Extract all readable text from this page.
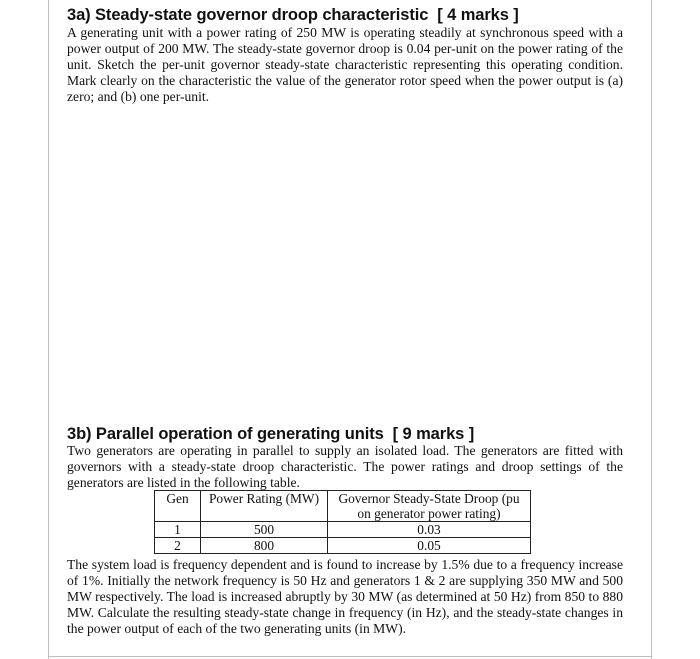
3a) Steady-state governor droop characteristic [ 4 marks ]

A generating unit with a power rating of 250 MW is operating steadily at synchronous speed with a power output of 200 MW. The steady-state governor droop is 0.04 per-unit on the power rating of the unit. Sketch the per-unit governor steady-state characteristic representing this operating condition. Mark clearly on the characteristic the value of the generator rotor speed when the power output is (a) zero; and (b) one per-unit.

3b) Parallel operation of generating units [ 9 marks ]

Two generators are operating in parallel to supply an isolated load. The generators are fitted with governors with a steady-state droop characteristic. The power ratings and droop settings of the generators are listed in the following table.

Gen	Power Rating (MW)	Governor Steady-State Droop (pu on generator power rating)
1	500	0.03
2	800	0.05

The system load is frequency dependent and is found to increase by 1.5% due to a frequency increase of 1%. Initially the network frequency is 50 Hz and generators 1 & 2 are supplying 350 MW and 500 MW respectively. The load is increased abruptly by 30 MW (as determined at 50 Hz) from 850 to 880 MW. Calculate the resulting steady-state change in frequency (in Hz), and the steady-state changes in the power output of each of the two generating units (in MW).
